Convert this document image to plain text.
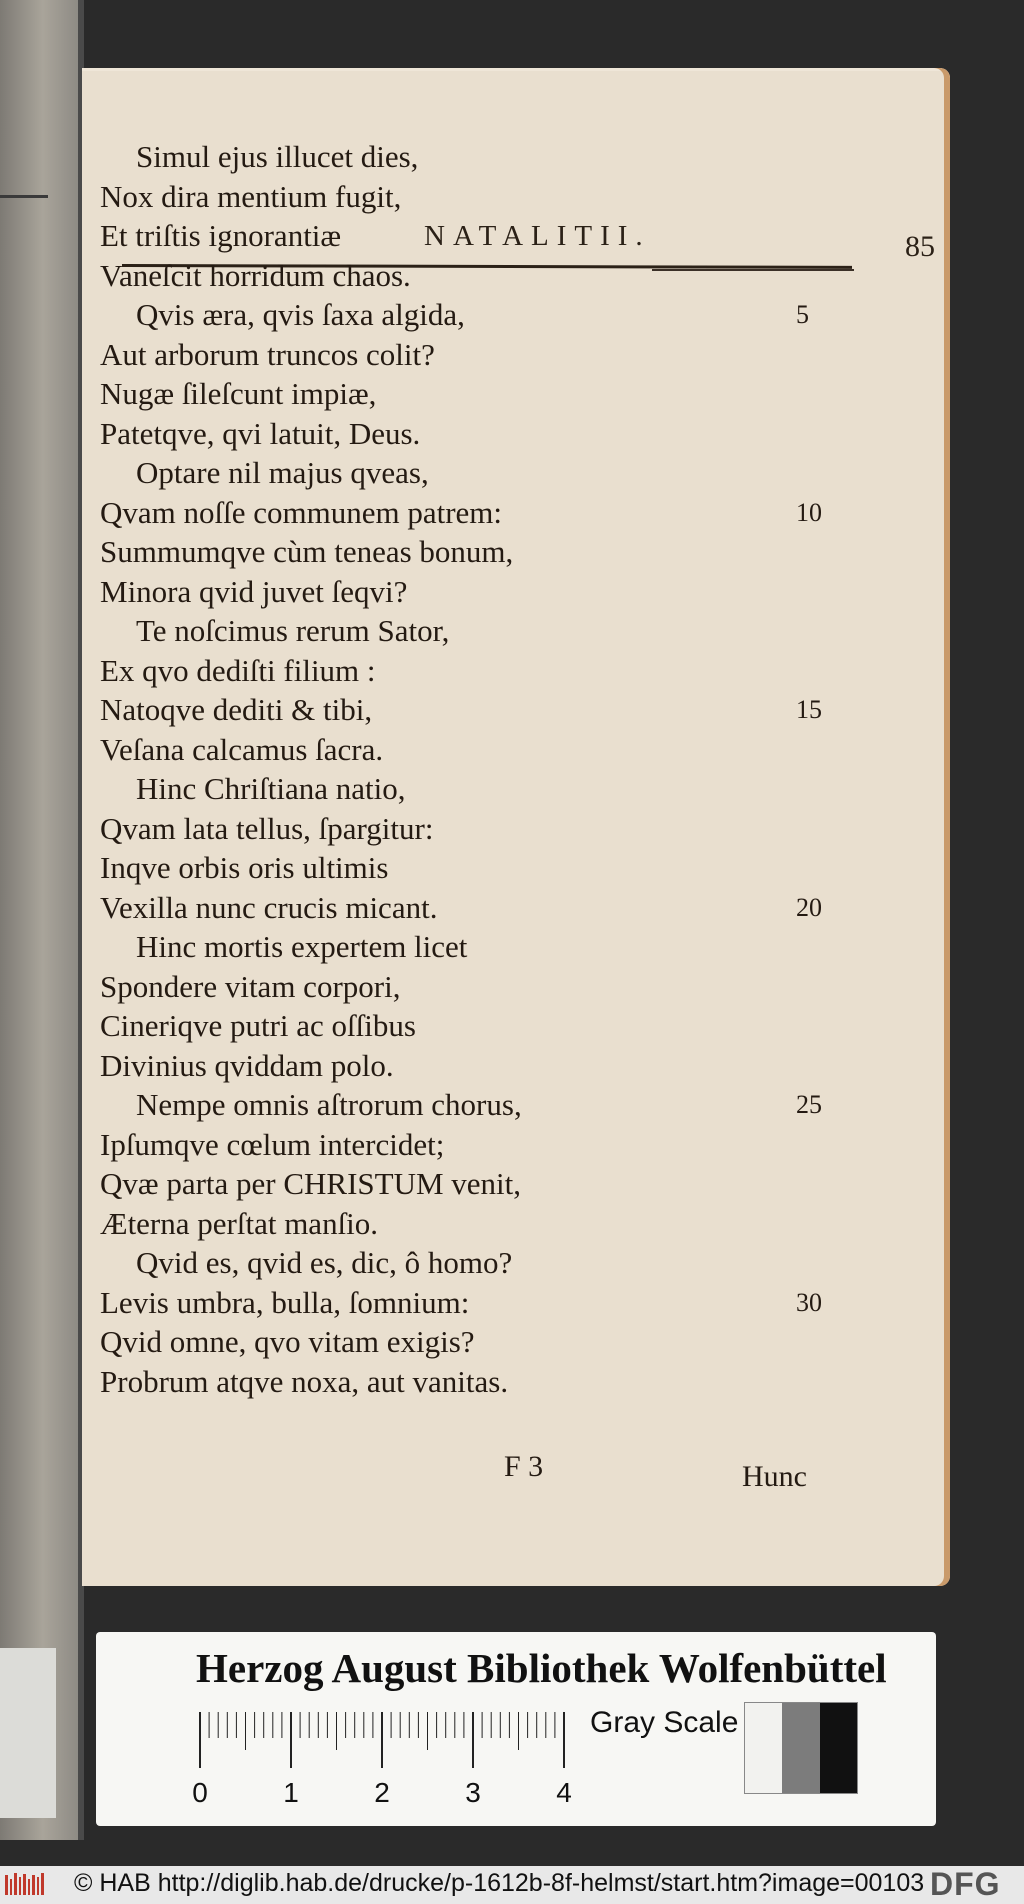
NATALITII.	85
F 3	Hunc
Simul ejus illucet dies,
Nox dira mentium fugit,
Et triſtis ignorantiæ
Vaneſcit horridum chaos.
Qvis æra, qvis ſaxa algida,	5
Aut arborum truncos colit?
Nugæ ſileſcunt impiæ,
Patetqve, qvi latuit, Deus.
Optare nil majus qveas,
Qvam noſſe communem patrem:	10
Summumqve cùm teneas bonum,
Minora qvid juvet ſeqvi?
Te noſcimus rerum Sator,
Ex qvo dediſti filium :
Natoqve dediti & tibi,	15
Veſana calcamus ſacra.
Hinc Chriſtiana natio,
Qvam lata tellus, ſpargitur:
Inqve orbis oris ultimis
Vexilla nunc crucis micant.	20
Hinc mortis expertem licet
Spondere vitam corpori,
Cineriqve putri ac oſſibus
Divinius qviddam polo.
Nempe omnis aſtrorum chorus,	25
Ipſumqve cœlum intercidet;
Qvæ parta per CHRISTUM venit,
Æterna perſtat manſio.
Qvid es, qvid es, dic, ô homo?
Levis umbra, bulla, ſomnium:	30
Qvid omne, qvo vitam exigis?
Probrum atqve noxa, aut vanitas.
Herzog August Bibliothek Wolfenbüttel
0	1	2	3	4
Gray Scale
© HAB http://diglib.hab.de/drucke/p-1612b-8f-helmst/start.htm?image=00103 DFG
